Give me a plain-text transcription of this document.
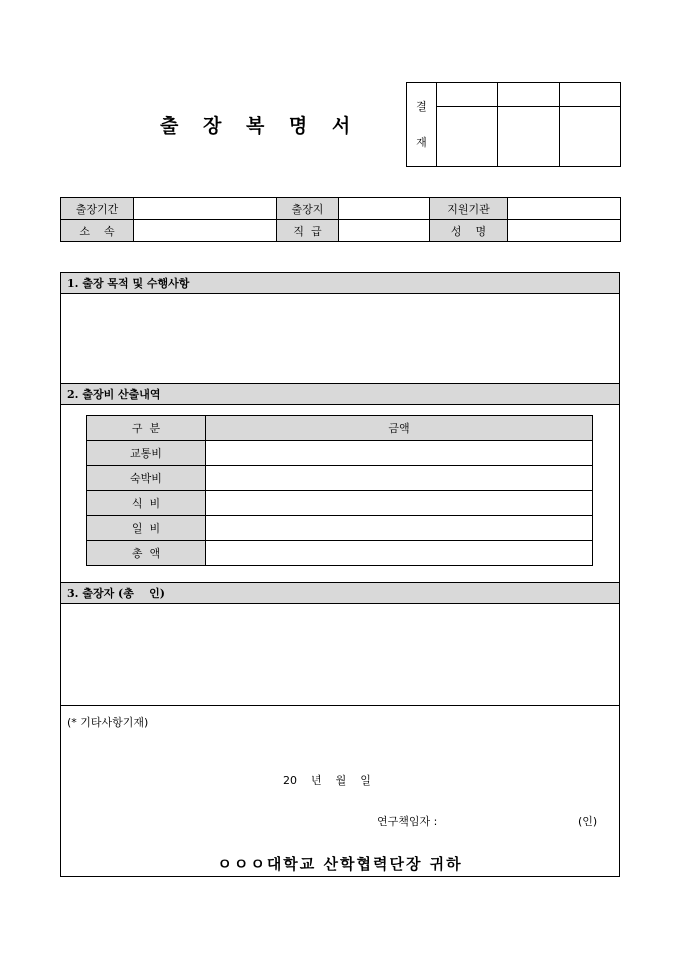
출 장 복 명 서
결
재			

출장기간		출장지		지원기관	
소    속		직  급		성    명	
1. 출장 목적 및 수행사항
2. 출장비 산출내역
구  분	금액
교통비	
숙박비	
식  비	
일  비	
총  액	
3. 출장자 (총    인)
(* 기타사항기재)
20    년    월    일
연구책임자 :	(인)
ㅇㅇㅇ대학교 산학협력단장 귀하
